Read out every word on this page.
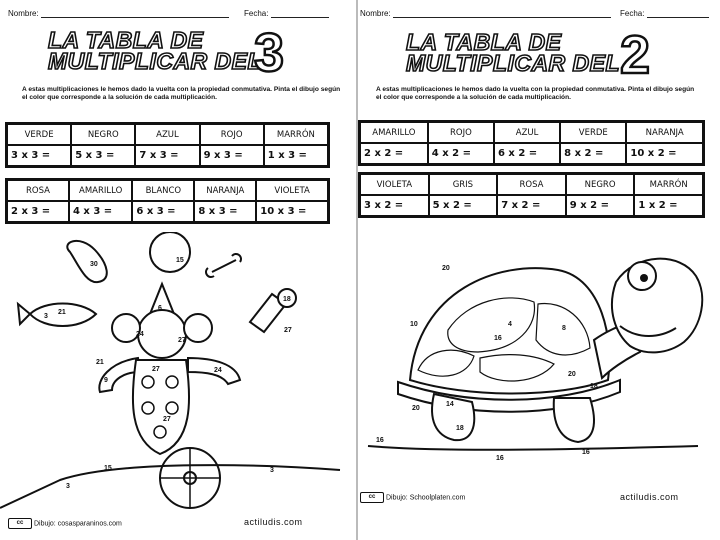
Nombre:	Fecha:
LA TABLA DE
MULTIPLICAR DEL
3
A estas multiplicaciones le hemos dado la vuelta con la propiedad conmutativa. Pinta el dibujo según el color que corresponde a la solución de cada multiplicación.
VERDE	NEGRO	AZUL	ROJO	MARRÓN
3 x 3 =	5 x 3 =	7 x 3 =	9 x 3 =	1 x 3 =
ROSA	AMARILLO	BLANCO	NARANJA	VIOLETA
2 x 3 =	4 x 3 =	6 x 3 =	8 x 3 =	10 x 3 =
30
15
21
3
18
27
6
24
27
21
27
9
24
27
15
3
3
cc Dibujo: cosasparaninos.com	actiludis.com
Nombre:	Fecha:
LA TABLA DE
MULTIPLICAR DEL 2
A estas multiplicaciones le hemos dado la vuelta con la propiedad conmutativa. Pinta el dibujo según el color que corresponde a la solución de cada multiplicación.
AMARILLO	ROJO	AZUL	VERDE	NARANJA
2 x 2 =	4 x 2 =	6 x 2 =	8 x 2 =	10 x 2 =
VIOLETA	GRIS	ROSA	NEGRO	MARRÓN
3 x 2 =	5 x 2 =	7 x 2 =	9 x 2 =	1 x 2 =
20
10	4
8
16
20
18
20
14
16
18
16
16
cc Dibujo: Schoolplaten.com	actiludis.com
